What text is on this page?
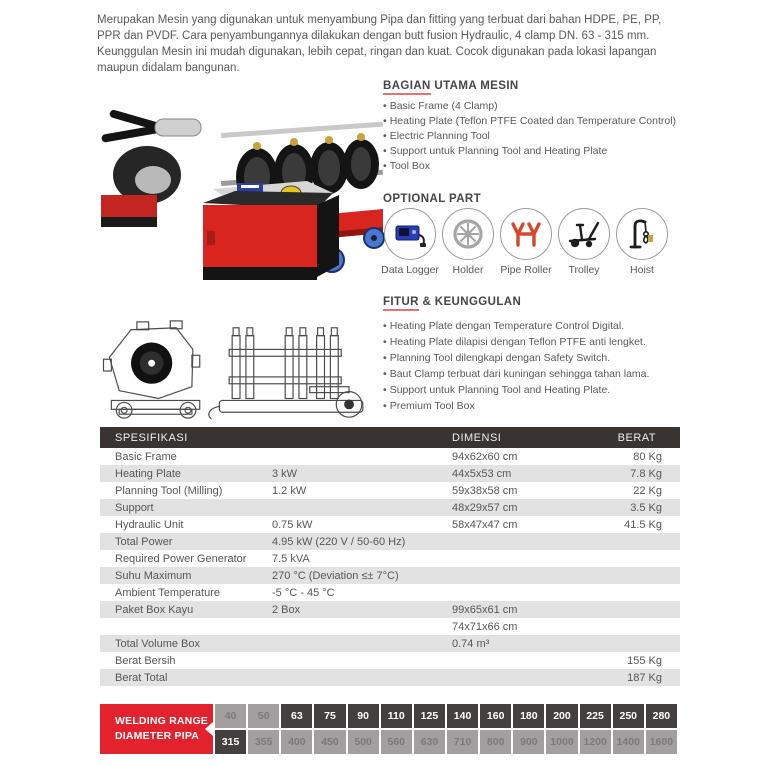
Merupakan Mesin yang digunakan untuk menyambung Pipa dan fitting yang terbuat dari bahan HDPE, PE, PP, PPR dan PVDF. Cara penyambungannya dilakukan dengan butt fusion Hydraulic, 4 clamp DN. 63 - 315 mm. Keunggulan Mesin ini mudah digunakan, lebih cepat, ringan dan kuat. Cocok digunakan pada lokasi lapangan maupun didalam bangunan.

BAGIAN UTAMA MESIN
• Basic Frame (4 Clamp)
• Heating Plate (Teflon PTFE Coated dan Temperature Control)
• Electric Planning Tool
• Support untuk Planning Tool and Heating Plate
• Tool Box
OPTIONAL PART
Data Logger Holder Pipe Roller Trolley	Hoist
FITUR & KEUNGGULAN
• Heating Plate dengan Temperature Control Digital.
• Heating Plate dilapisi dengan Teflon PTFE anti lengket.
• Planning Tool dilengkapi dengan Safety Switch.
• Baut Clamp terbuat dari kuningan sehingga tahan lama.
• Support untuk Planning Tool and Heating Plate.
• Premium Tool Box
SPESIFIKASI		DIMENSI	BERAT
Basic Frame		94x62x60 cm	80 Kg
Heating Plate	3 kW	44x5x53 cm	7.8 Kg
Planning Tool (Milling)	1.2 kW	59x38x58 cm	22 Kg
Support		48x29x57 cm	3.5 Kg
Hydraulic Unit	0.75 kW	58x47x47 cm	41.5 Kg
Total Power	4.95 kW (220 V / 50-60 Hz)		
Required Power Generator	7.5 kVA		
Suhu Maximum	270 °C (Deviation ≤± 7°C)		
Ambient Temperature	-5 °C - 45 °C		
Paket Box Kayu	2 Box	99x65x61 cm	
		74x71x66 cm	
Total Volume Box		0.74 m³	
Berat Bersih			155 Kg
Berat Total			187 Kg
WELDING RANGE
DIAMETER PIPA
40	50	63	75	90	110	125	140	160	180	200	225	250	280
315	355	400	450	500	560	630	710	800	900	1000 1200 1400 1600
